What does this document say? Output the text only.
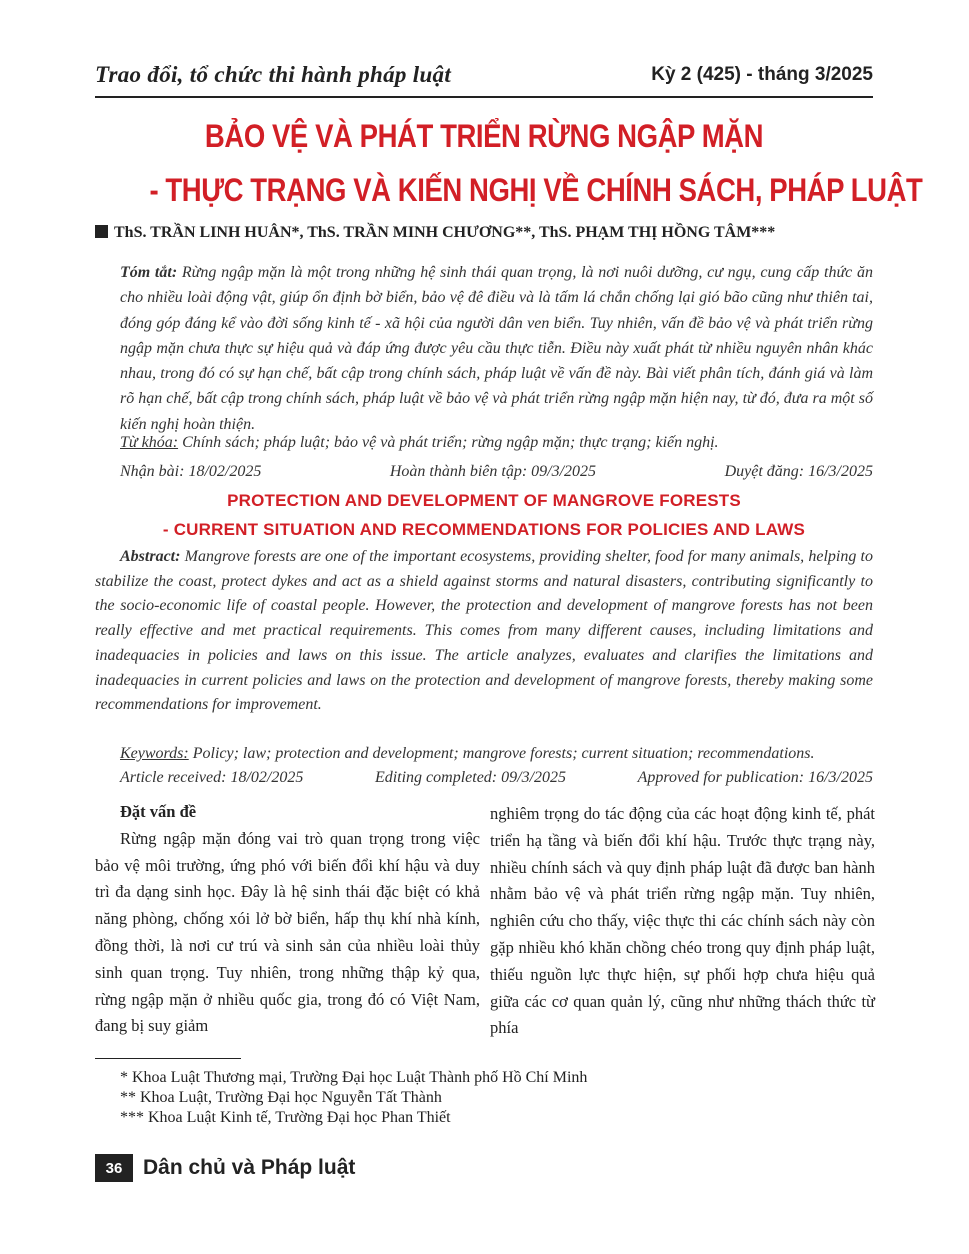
Trao đổi, tổ chức thi hành pháp luật	Kỳ 2 (425) - tháng 3/2025
BẢO VỆ VÀ PHÁT TRIỂN RỪNG NGẬP MẶN
- THỰC TRẠNG VÀ KIẾN NGHỊ VỀ CHÍNH SÁCH, PHÁP LUẬT
ThS. TRẦN LINH HUÂN*, ThS. TRẦN MINH CHƯƠNG**, ThS. PHẠM THỊ HỒNG TÂM***
Tóm tắt: Rừng ngập mặn là một trong những hệ sinh thái quan trọng, là nơi nuôi dưỡng, cư ngụ, cung cấp thức ăn cho nhiều loài động vật, giúp ổn định bờ biển, bảo vệ đê điều và là tấm lá chắn chống lại gió bão cũng như thiên tai, đóng góp đáng kể vào đời sống kinh tế - xã hội của người dân ven biển. Tuy nhiên, vấn đề bảo vệ và phát triển rừng ngập mặn chưa thực sự hiệu quả và đáp ứng được yêu cầu thực tiễn. Điều này xuất phát từ nhiều nguyên nhân khác nhau, trong đó có sự hạn chế, bất cập trong chính sách, pháp luật về vấn đề này. Bài viết phân tích, đánh giá và làm rõ hạn chế, bất cập trong chính sách, pháp luật về bảo vệ và phát triển rừng ngập mặn hiện nay, từ đó, đưa ra một số kiến nghị hoàn thiện.
Từ khóa: Chính sách; pháp luật; bảo vệ và phát triển; rừng ngập mặn; thực trạng; kiến nghị.
Nhận bài: 18/02/2025	Hoàn thành biên tập: 09/3/2025	Duyệt đăng: 16/3/2025
PROTECTION AND DEVELOPMENT OF MANGROVE FORESTS
- CURRENT SITUATION AND RECOMMENDATIONS FOR POLICIES AND LAWS
Abstract: Mangrove forests are one of the important ecosystems, providing shelter, food for many animals, helping to stabilize the coast, protect dykes and act as a shield against storms and natural disasters, contributing significantly to the socio-economic life of coastal people. However, the protection and development of mangrove forests has not been really effective and met practical requirements. This comes from many different causes, including limitations and inadequacies in policies and laws on this issue. The article analyzes, evaluates and clarifies the limitations and inadequacies in current policies and laws on the protection and development of mangrove forests, thereby making some recommendations for improvement.
Keywords: Policy; law; protection and development; mangrove forests; current situation; recommendations.
Article received: 18/02/2025	Editing completed: 09/3/2025	Approved for publication: 16/3/2025
Đặt vấn đề
Rừng ngập mặn đóng vai trò quan trọng trong việc bảo vệ môi trường, ứng phó với biến đổi khí hậu và duy trì đa dạng sinh học. Đây là hệ sinh thái đặc biệt có khả năng phòng, chống xói lở bờ biển, hấp thụ khí nhà kính, đồng thời, là nơi cư trú và sinh sản của nhiều loài thủy sinh quan trọng. Tuy nhiên, trong những thập kỷ qua, rừng ngập mặn ở nhiều quốc gia, trong đó có Việt Nam, đang bị suy giảm
nghiêm trọng do tác động của các hoạt động kinh tế, phát triển hạ tầng và biến đổi khí hậu. Trước thực trạng này, nhiều chính sách và quy định pháp luật đã được ban hành nhằm bảo vệ và phát triển rừng ngập mặn. Tuy nhiên, nghiên cứu cho thấy, việc thực thi các chính sách này còn gặp nhiều khó khăn chồng chéo trong quy định pháp luật, thiếu nguồn lực thực hiện, sự phối hợp chưa hiệu quả giữa các cơ quan quản lý, cũng như những thách thức từ phía
* Khoa Luật Thương mại, Trường Đại học Luật Thành phố Hồ Chí Minh
** Khoa Luật, Trường Đại học Nguyễn Tất Thành
*** Khoa Luật Kinh tế, Trường Đại học Phan Thiết
36 Dân chủ và Pháp luật
